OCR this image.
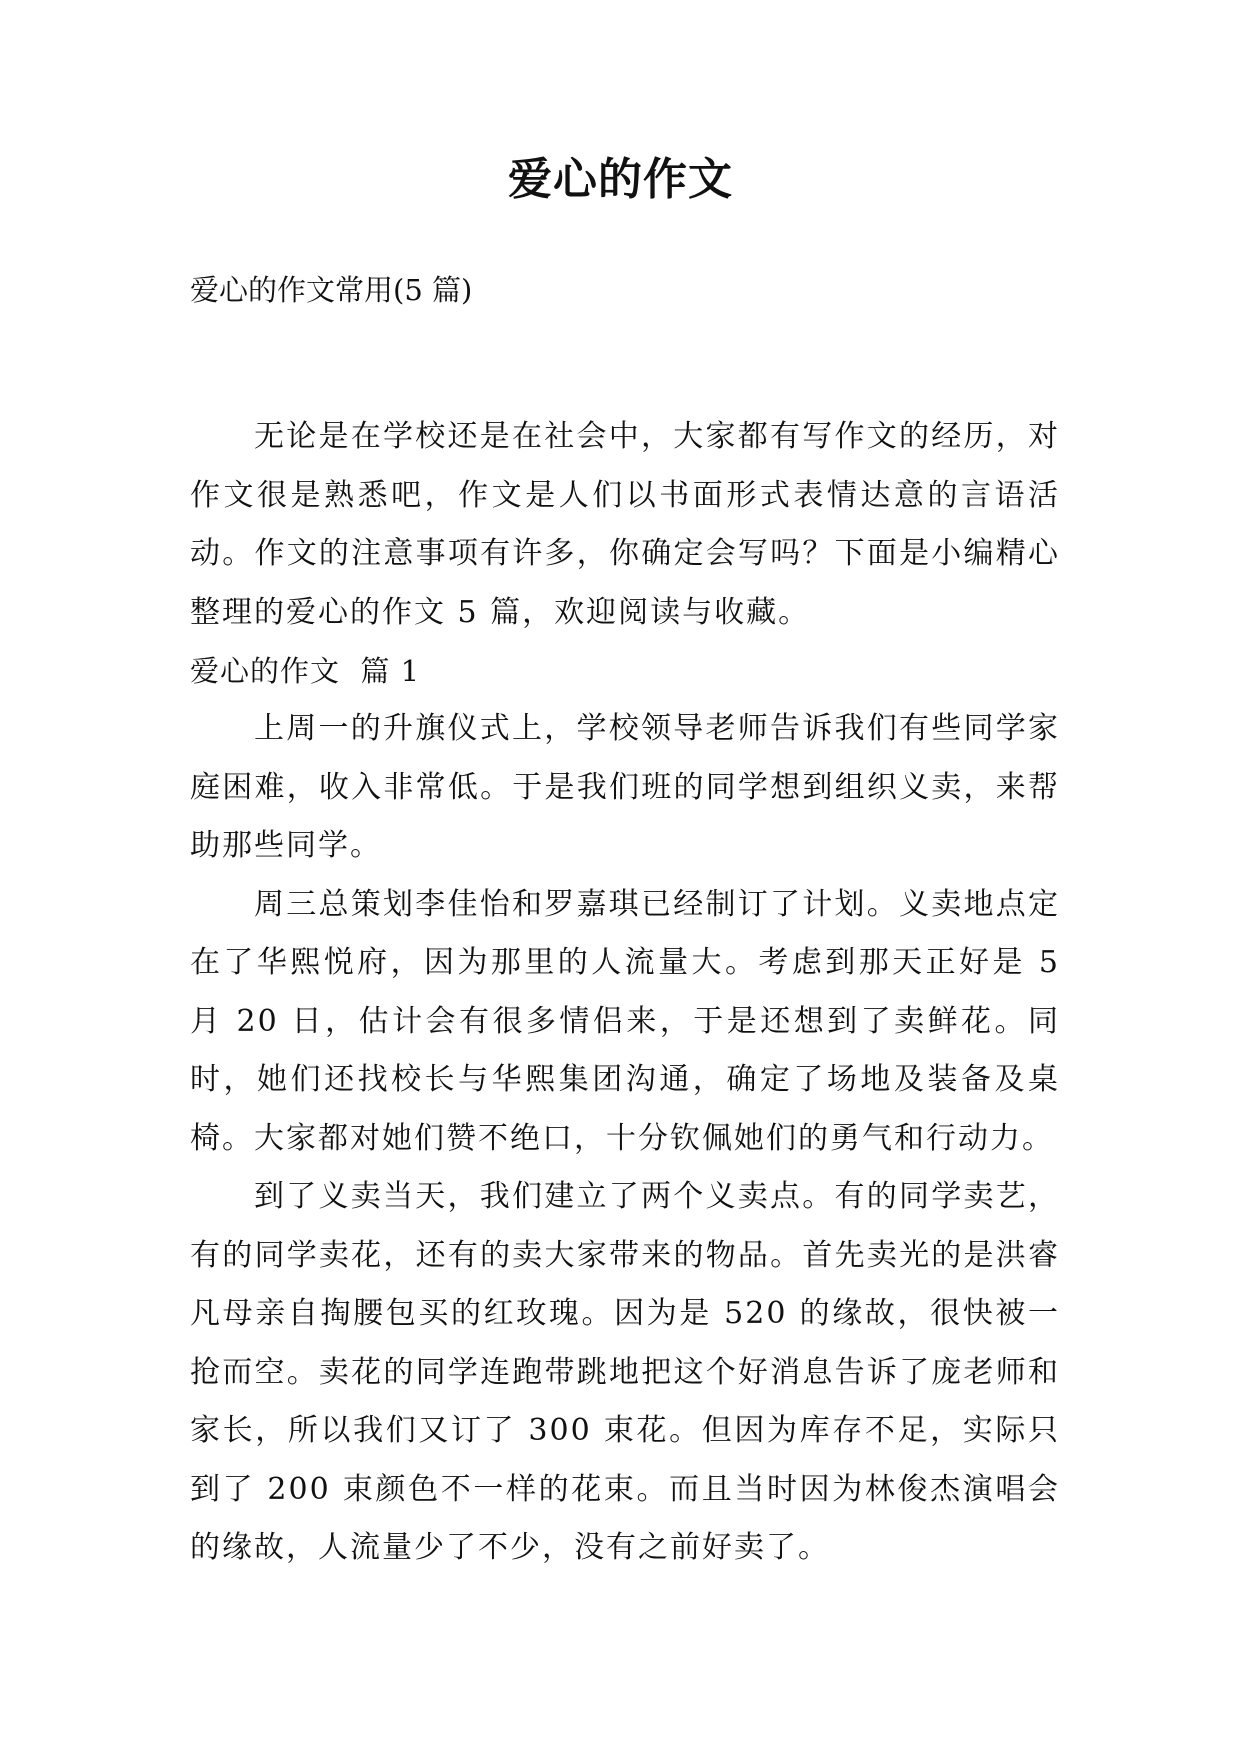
爱心的作文

爱心的作文常用(5 篇)

无论是在学校还是在社会中，大家都有写作文的经历，对作文很是熟悉吧，作文是人们以书面形式表情达意的言语活动。作文的注意事项有许多，你确定会写吗？下面是小编精心整理的爱心的作文 5 篇，欢迎阅读与收藏。

爱心的作文  篇 1

上周一的升旗仪式上，学校领导老师告诉我们有些同学家庭困难，收入非常低。于是我们班的同学想到组织义卖，来帮助那些同学。

周三总策划李佳怡和罗嘉琪已经制订了计划。义卖地点定在了华熙悦府，因为那里的人流量大。考虑到那天正好是 5 月 20 日，估计会有很多情侣来，于是还想到了卖鲜花。同时，她们还找校长与华熙集团沟通，确定了场地及装备及桌椅。大家都对她们赞不绝口，十分钦佩她们的勇气和行动力。

到了义卖当天，我们建立了两个义卖点。有的同学卖艺，有的同学卖花，还有的卖大家带来的物品。首先卖光的是洪睿凡母亲自掏腰包买的红玫瑰。因为是 520 的缘故，很快被一抢而空。卖花的同学连跑带跳地把这个好消息告诉了庞老师和家长，所以我们又订了 300 束花。但因为库存不足，实际只到了 200 束颜色不一样的花束。而且当时因为林俊杰演唱会的缘故，人流量少了不少，没有之前好卖了。
